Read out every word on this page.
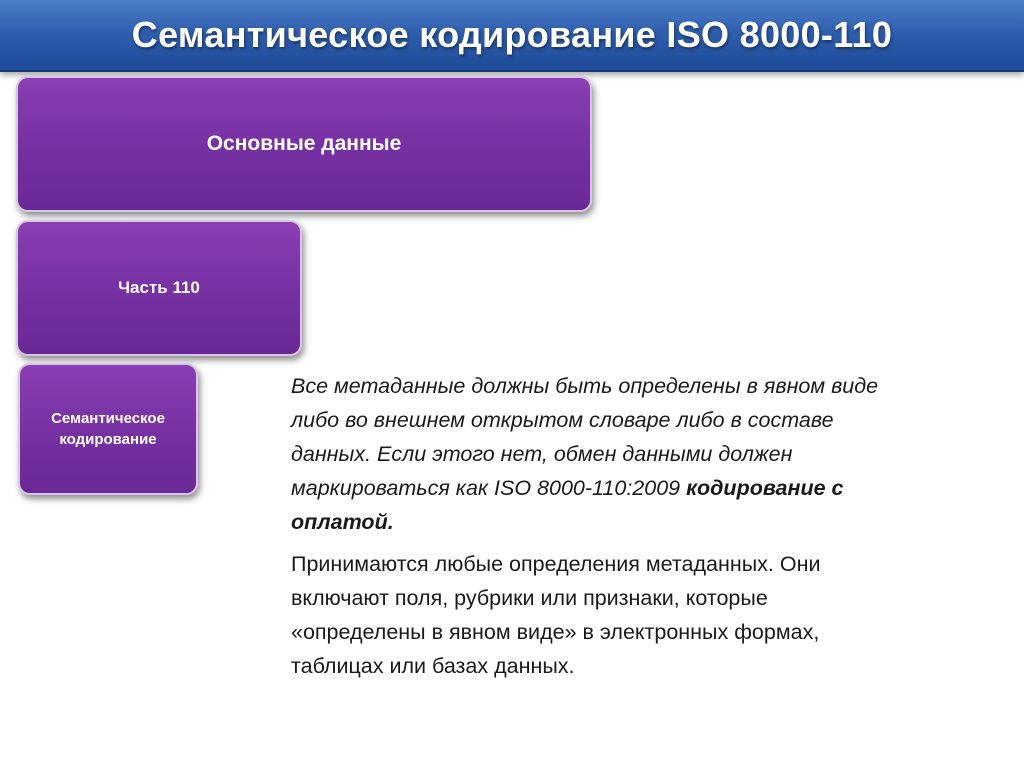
Семантическое кодирование ISO 8000-110
Основные данные
Часть 110
Семантическое
кодирование

Все метаданные должны быть определены в явном виде
либо во внешнем открытом словаре либо в составе
данных. Если этого нет, обмен данными должен
маркироваться как ISO 8000-110:2009 кодирование с
оплатой.

Принимаются любые определения метаданных. Они
включают поля, рубрики или признаки, которые
«определены в явном виде» в электронных формах,
таблицах или базах данных.
